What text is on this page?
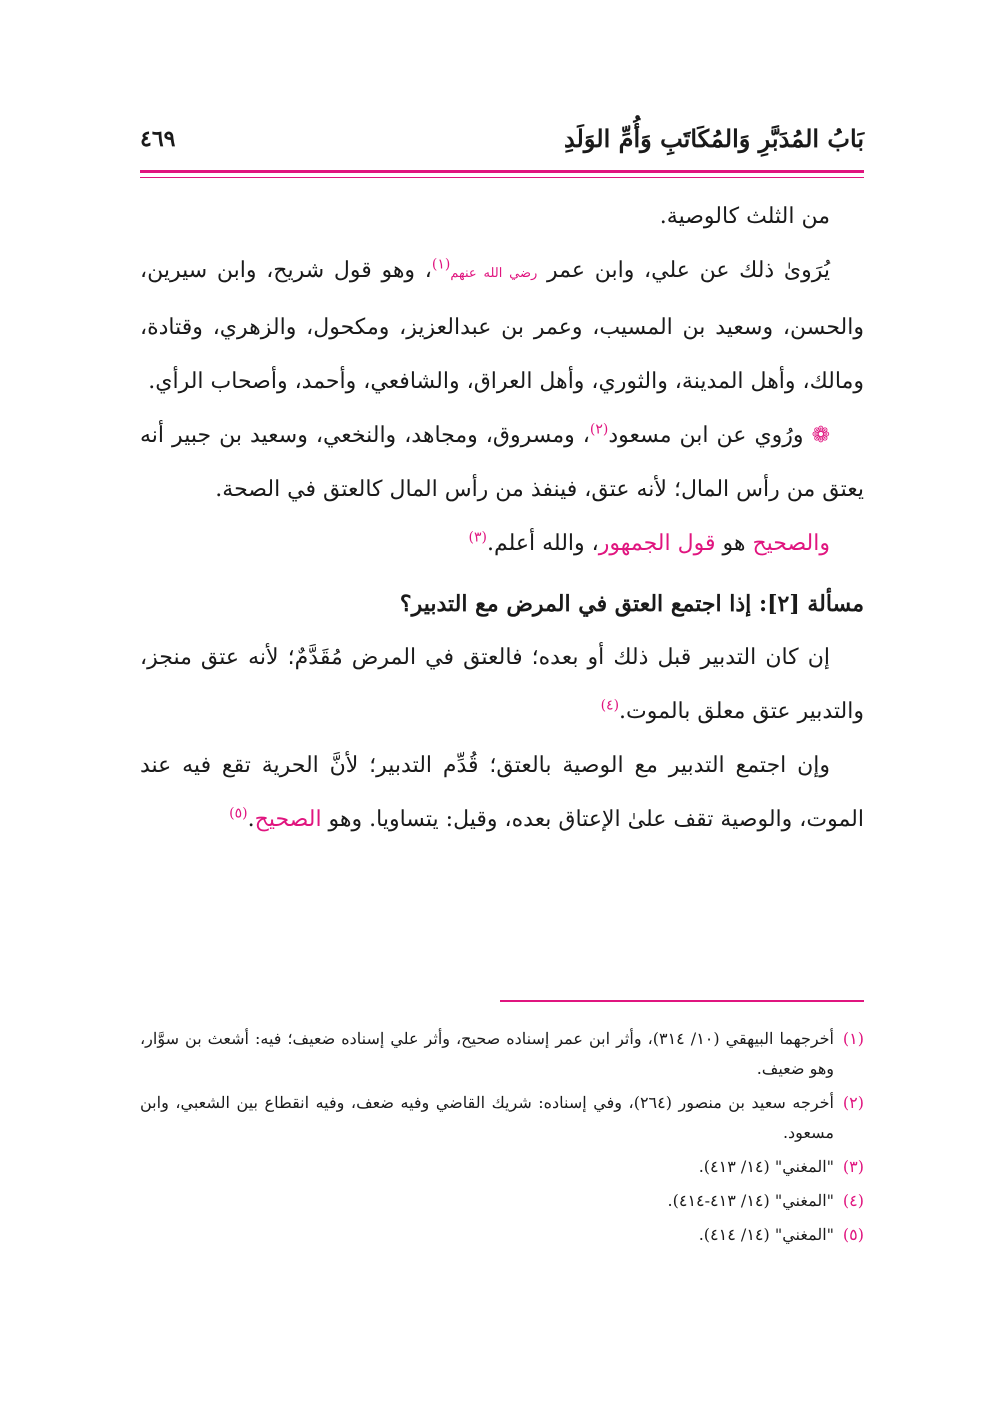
بَابُ المُدَبَّرِ وَالمُكَاتَبِ وَأُمِّ الوَلَدِ
٤٦٩

من الثلث كالوصية.

يُرَوىٰ ذلك عن علي، وابن عمر رضي الله عنهم$^{(١)}$، وهو قول شريح، وابن سيرين، والحسن، وسعيد بن المسيب، وعمر بن عبدالعزيز، ومكحول، والزهري، وقتادة، ومالك، وأهل المدينة، والثوري، وأهل العراق، والشافعي، وأحمد، وأصحاب الرأي.

❁ ورُوي عن ابن مسعود$^{(٢)}$، ومسروق، ومجاهد، والنخعي، وسعيد بن جبير أنه يعتق من رأس المال؛ لأنه عتق، فينفذ من رأس المال كالعتق في الصحة.

والصحيح هو قول الجمهور، والله أعلم.$^{(٣)}$

مسألة [٢]: إذا اجتمع العتق في المرض مع التدبير؟

إن كان التدبير قبل ذلك أو بعده؛ فالعتق في المرض مُقَدَّمٌ؛ لأنه عتق منجز، والتدبير عتق معلق بالموت.$^{(٤)}$

وإن اجتمع التدبير مع الوصية بالعتق؛ قُدِّم التدبير؛ لأنَّ الحرية تقع فيه عند الموت، والوصية تقف علىٰ الإعتاق بعده، وقيل: يتساويا. وهو الصحيح.$^{(٥)}$

(١)
أخرجهما البيهقي (١٠/ ٣١٤)، وأثر ابن عمر إسناده صحيح، وأثر علي إسناده ضعيف؛ فيه: أشعث بن سوَّار، وهو ضعيف.

(٢)
أخرجه سعيد بن منصور (٢٦٤)، وفي إسناده: شريك القاضي وفيه ضعف، وفيه انقطاع بين الشعبي، وابن مسعود.

(٣)
"المغني" (١٤/ ٤١٣).

(٤)
"المغني" (١٤/ ٤١٣-٤١٤).

(٥)
"المغني" (١٤/ ٤١٤).
